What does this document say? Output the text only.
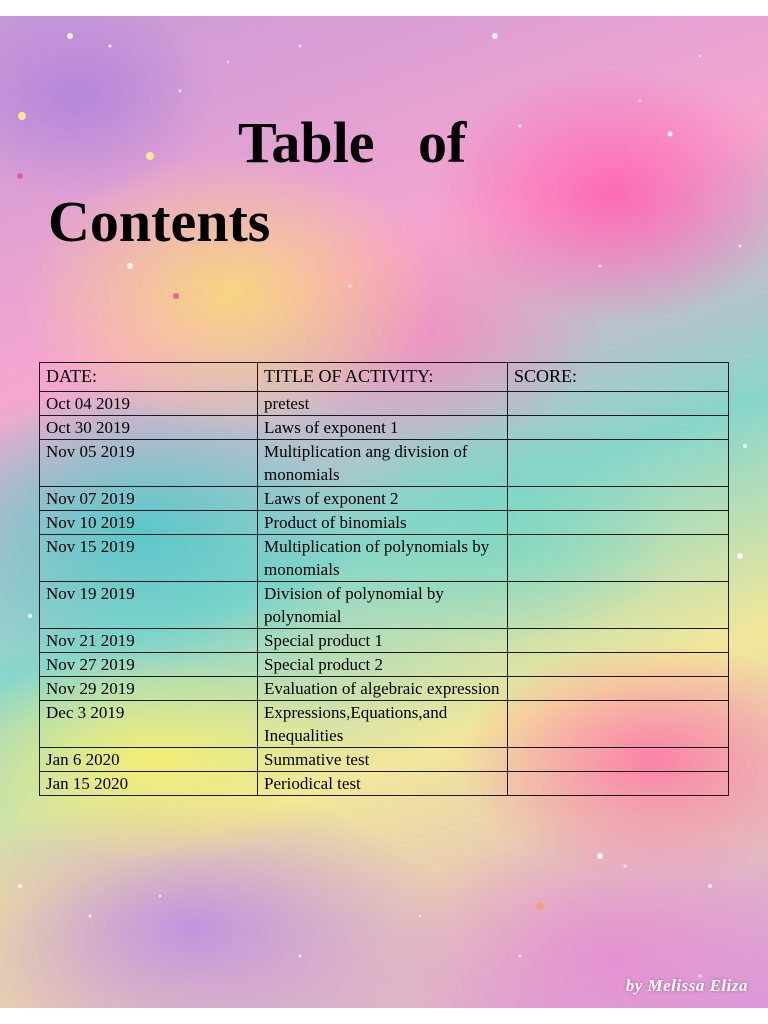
Table   of
Contents
DATE:	TITLE OF ACTIVITY:	SCORE:
Oct 04 2019	pretest	
Oct 30 2019	Laws of exponent 1	
Nov 05 2019	Multiplication ang division of monomials	
Nov 07 2019	Laws of exponent 2	
Nov 10 2019	Product of binomials	
Nov 15 2019	Multiplication of polynomials by monomials	
Nov 19 2019	Division of polynomial by polynomial	
Nov 21 2019	Special product 1	
Nov 27 2019	Special product 2	
Nov 29 2019	Evaluation of algebraic expression	
Dec 3 2019	Expressions,Equations,and Inequalities	
Jan 6 2020	Summative test	
Jan 15 2020	Periodical test	
by Melissa Eliza
